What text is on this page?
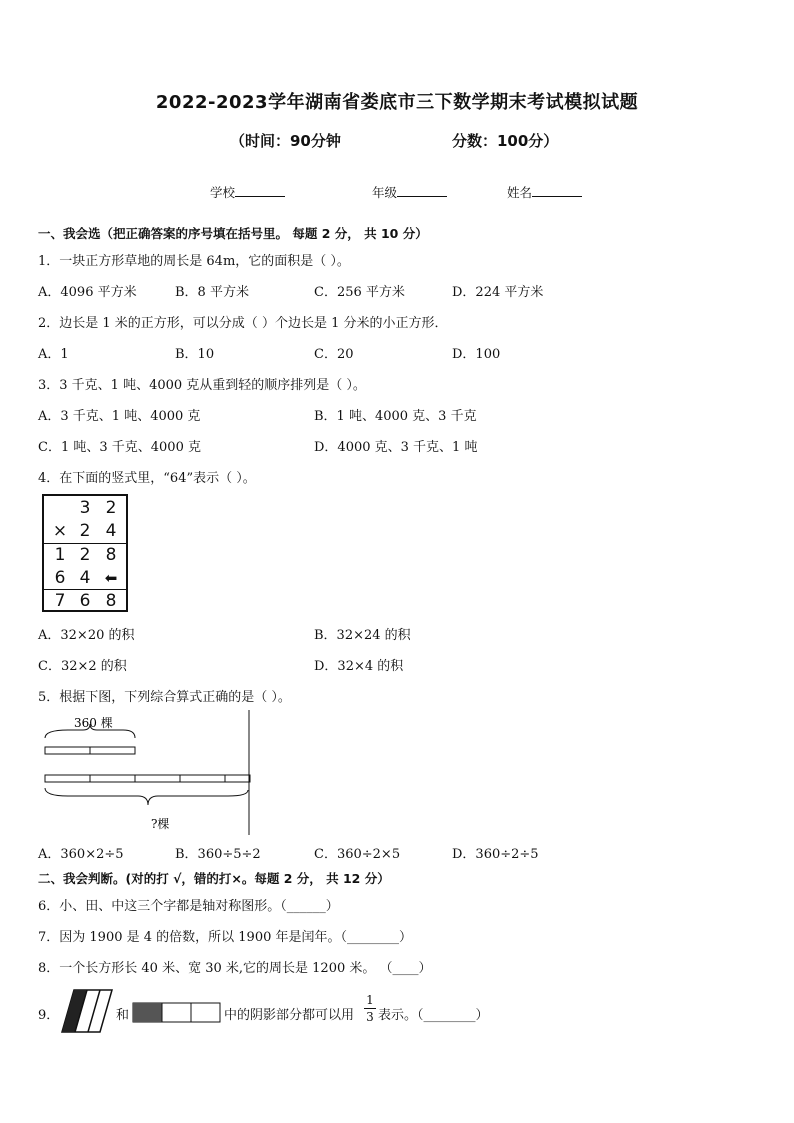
2022-2023学年湖南省娄底市三下数学期末考试模拟试题
（时间：90分钟	分数：100分）
学校	年级	姓名
一、我会选（把正确答案的序号填在括号里。 每题 2 分， 共 10 分）
1．一块正方形草地的周长是 64m，它的面积是（ ）。
A．4096 平方米	B．8 平方米	C．256 平方米	D．224 平方米
2．边长是 1 米的正方形，可以分成（ ）个边长是 1 分米的小正方形．
A．1	B．10	C．20	D．100
3．3 千克、1 吨、4000 克从重到轻的顺序排列是（ ）。
A．3 千克、1 吨、4000 克	B．1 吨、4000 克、3 千克
C．1 吨、3 千克、4000 克	D．4000 克、3 千克、1 吨
4．在下面的竖式里，“64”表示（ ）。
3 2
× 2 4
1 2 8
6 4 ⬅
7 6 8
A．32×20 的积	B．32×24 的积
C．32×2 的积	D．32×4 的积
5．根据下图，下列综合算式正确的是（ ）。
360 棵
?棵
A．360×2÷5	B．360÷5÷2	C．360÷2×5	D．360÷2÷5
二、我会判断。(对的打 √，错的打×。每题 2 分， 共 12 分）
6．小、田、中这三个字都是轴对称图形。（______）
7．因为 1900 是 4 的倍数，所以 1900 年是闰年。（________）
8．一个长方形长 40 米、宽 30 米,它的周长是 1200 米。 （____）
9．	和	中的阴影部分都可以用
1
3 表示。（________）
